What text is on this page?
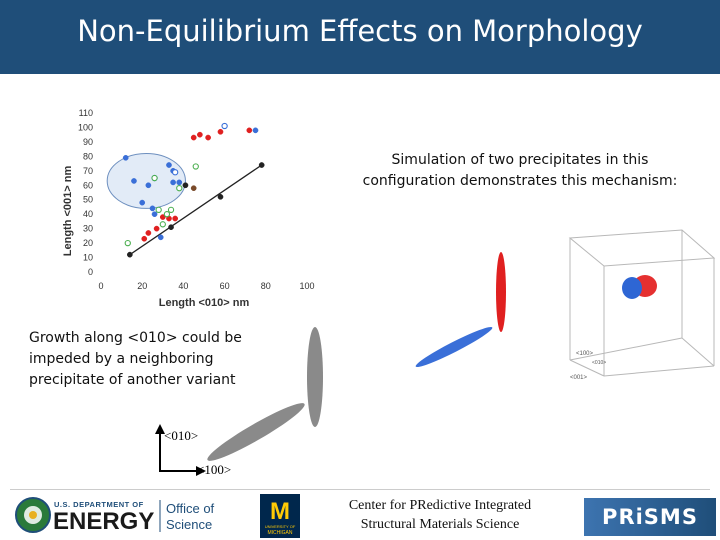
Non-Equilibrium Effects on Morphology
Length <001> nm
Length <010> nm
0
10
20
30
40
50
60
70
80
90
100
110
0	20	40	60	80	100
Simulation of two precipitates in this
configuration demonstrates this mechanism:
<100>
<010>
<001>
Growth along <010> could be
impeded by a neighboring
precipitate of another variant
<010>
<100>
U.S. DEPARTMENT OF
ENERGY Office of
Science M
UNIVERSITY OF
MICHIGAN
Center for PRedictive Integrated
Structural Materials Science	PRiSMS
